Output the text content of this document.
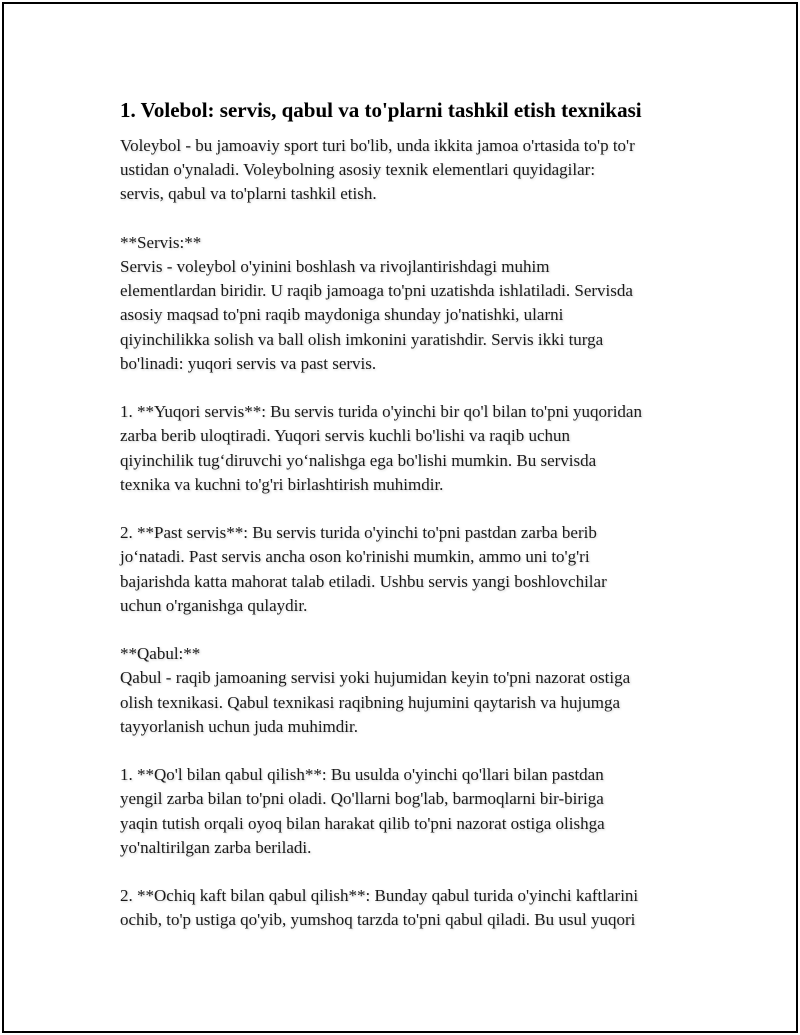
1. Volebol: servis, qabul va to'plarni tashkil etish texnikasi

Voleybol - bu jamoaviy sport turi bo'lib, unda ikkita jamoa o'rtasida to'p to'r
ustidan o'ynaladi. Voleybolning asosiy texnik elementlari quyidagilar:
servis, qabul va to'plarni tashkil etish.

**Servis:**
Servis - voleybol o'yinini boshlash va rivojlantirishdagi muhim
elementlardan biridir. U raqib jamoaga to'pni uzatishda ishlatiladi. Servisda
asosiy maqsad to'pni raqib maydoniga shunday jo'natishki, ularni
qiyinchilikka solish va ball olish imkonini yaratishdir. Servis ikki turga
bo'linadi: yuqori servis va past servis.

1. **Yuqori servis**: Bu servis turida o'yinchi bir qo'l bilan to'pni yuqoridan
zarba berib uloqtiradi. Yuqori servis kuchli bo'lishi va raqib uchun
qiyinchilik tug‘diruvchi yo‘nalishga ega bo'lishi mumkin. Bu servisda
texnika va kuchni to'g'ri birlashtirish muhimdir.

2. **Past servis**: Bu servis turida o'yinchi to'pni pastdan zarba berib
jo‘natadi. Past servis ancha oson ko'rinishi mumkin, ammo uni to'g'ri
bajarishda katta mahorat talab etiladi. Ushbu servis yangi boshlovchilar
uchun o'rganishga qulaydir.

**Qabul:**
Qabul - raqib jamoaning servisi yoki hujumidan keyin to'pni nazorat ostiga
olish texnikasi. Qabul texnikasi raqibning hujumini qaytarish va hujumga
tayyorlanish uchun juda muhimdir.

1. **Qo'l bilan qabul qilish**: Bu usulda o'yinchi qo'llari bilan pastdan
yengil zarba bilan to'pni oladi. Qo'llarni bog'lab, barmoqlarni bir-biriga
yaqin tutish orqali oyoq bilan harakat qilib to'pni nazorat ostiga olishga
yo'naltirilgan zarba beriladi.

2. **Ochiq kaft bilan qabul qilish**: Bunday qabul turida o'yinchi kaftlarini
ochib, to'p ustiga qo'yib, yumshoq tarzda to'pni qabul qiladi. Bu usul yuqori
